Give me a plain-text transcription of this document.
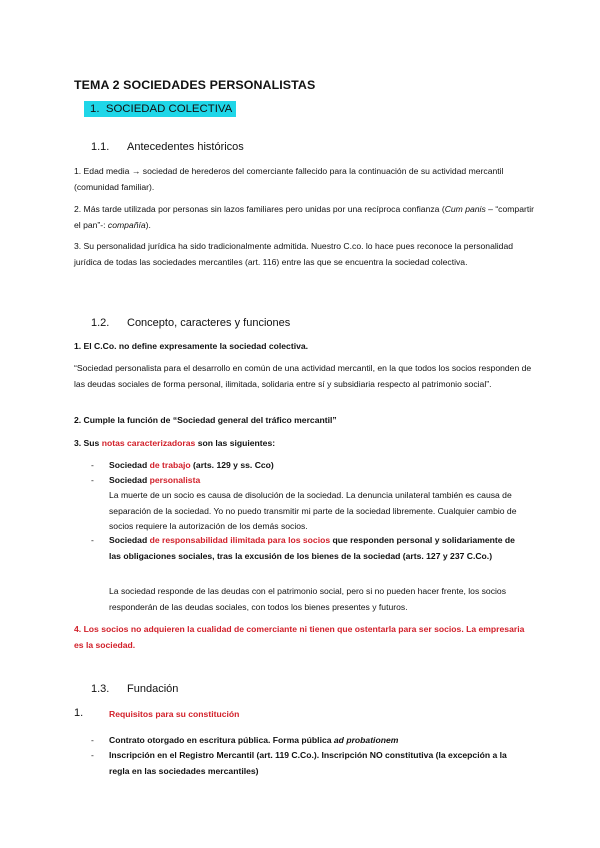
TEMA 2 SOCIEDADES PERSONALISTAS
1. SOCIEDAD COLECTIVA
1.1. Antecedentes históricos
1. Edad media → sociedad de herederos del comerciante fallecido para la continuación de su actividad mercantil (comunidad familiar).
2. Más tarde utilizada por personas sin lazos familiares pero unidas por una recíproca confianza (Cum panis – “compartir el pan”-: compañía).
3. Su personalidad jurídica ha sido tradicionalmente admitida. Nuestro C.co. lo hace pues reconoce la personalidad jurídica de todas las sociedades mercantiles (art. 116) entre las que se encuentra la sociedad colectiva.
1.2. Concepto, caracteres y funciones
1. El C.Co. no define expresamente la sociedad colectiva.
“Sociedad personalista para el desarrollo en común de una actividad mercantil, en la que todos los socios responden de las deudas sociales de forma personal, ilimitada, solidaria entre sí y subsidiaria respecto al patrimonio social”.
2. Cumple la función de “Sociedad general del tráfico mercantil”
3. Sus notas caracterizadoras son las siguientes:
- Sociedad de trabajo (arts. 129 y ss. Cco)
- Sociedad personalista
La muerte de un socio es causa de disolución de la sociedad. La denuncia unilateral también es causa de separación de la sociedad. Yo no puedo transmitir mi parte de la sociedad libremente. Cualquier cambio de socios requiere la autorización de los demás socios.
- Sociedad de responsabilidad ilimitada para los socios que responden personal y solidariamente de las obligaciones sociales, tras la excusión de los bienes de la sociedad (arts. 127 y 237 C.Co.)
La sociedad responde de las deudas con el patrimonio social, pero si no pueden hacer frente, los socios responderán de las deudas sociales, con todos los bienes presentes y futuros.
4. Los socios no adquieren la cualidad de comerciante ni tienen que ostentarla para ser socios. La empresaria es la sociedad.
1.3. Fundación
1.	Requisitos para su constitución
- Contrato otorgado en escritura pública. Forma pública ad probationem
- Inscripción en el Registro Mercantil (art. 119 C.Co.). Inscripción NO constitutiva (la excepción a la regla en las sociedades mercantiles)
